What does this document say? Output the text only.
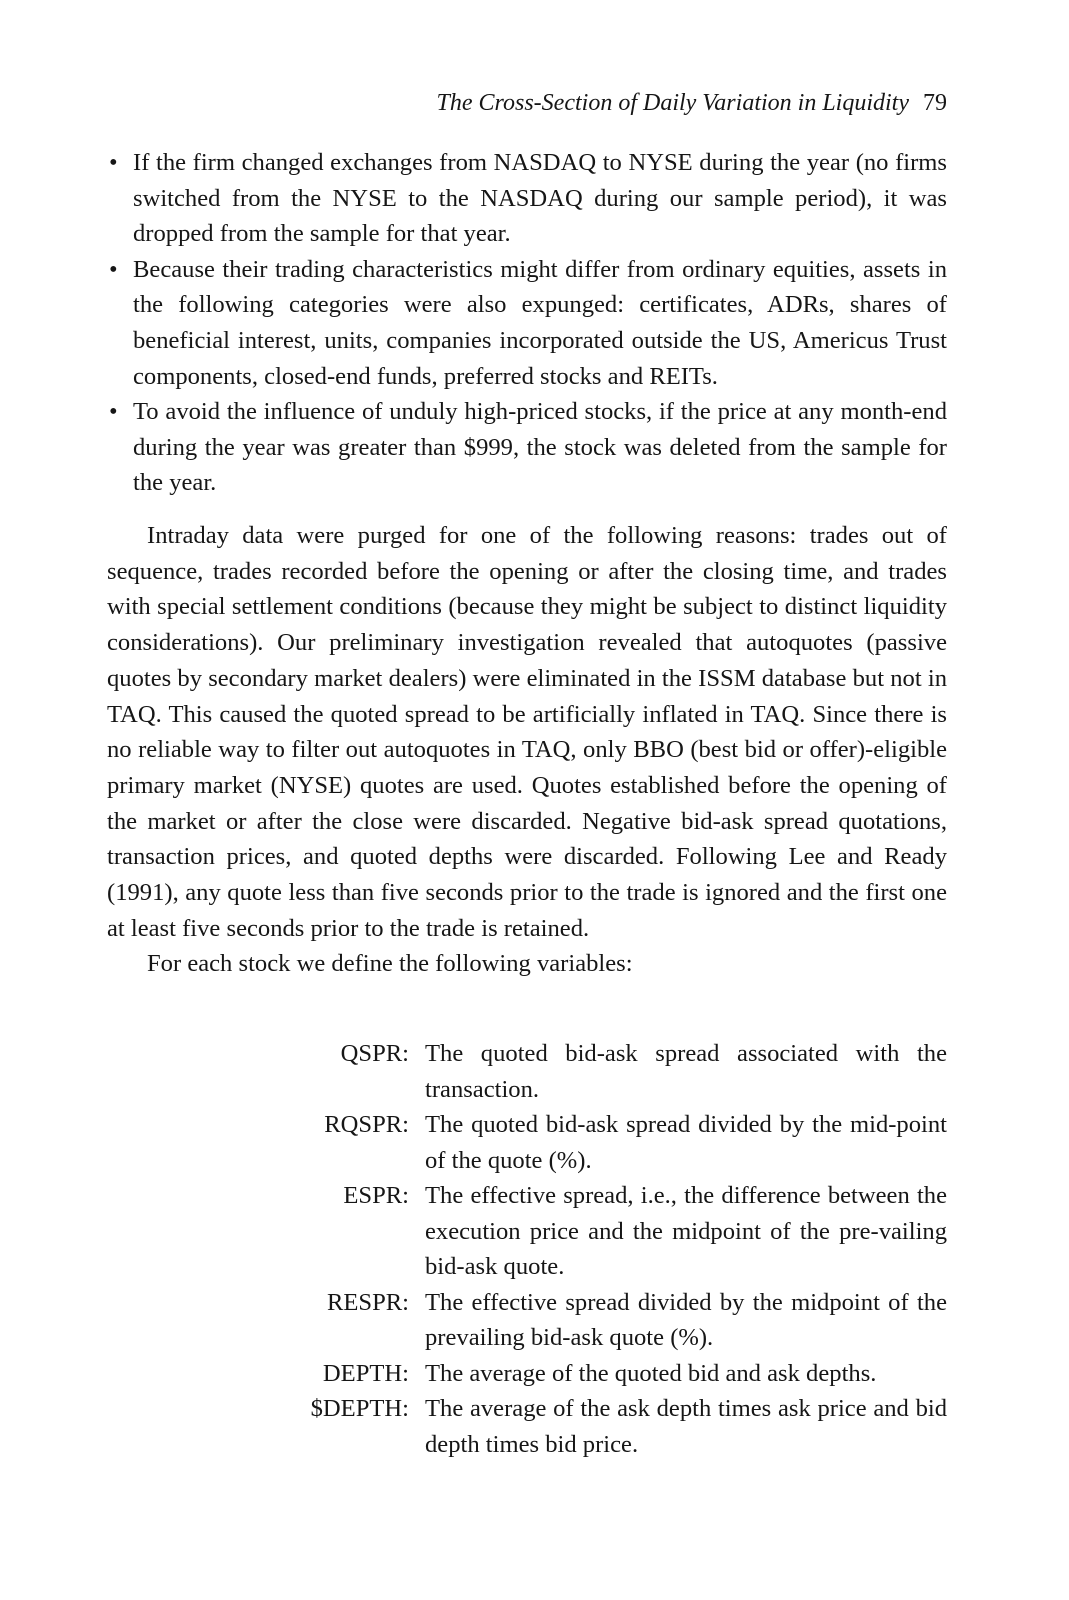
The Cross-Section of Daily Variation in Liquidity 79
• If the firm changed exchanges from NASDAQ to NYSE during the year (no firms switched from the NYSE to the NASDAQ during our sample period), it was dropped from the sample for that year.
• Because their trading characteristics might differ from ordinary equities, assets in the following categories were also expunged: certificates, ADRs, shares of beneficial interest, units, companies incorporated outside the US, Americus Trust components, closed-end funds, preferred stocks and REITs.
• To avoid the influence of unduly high-priced stocks, if the price at any month-end during the year was greater than $999, the stock was deleted from the sample for the year.

Intraday data were purged for one of the following reasons: trades out of sequence, trades recorded before the opening or after the closing time, and trades with special settlement conditions (because they might be subject to distinct liquidity considerations). Our preliminary investigation revealed that autoquotes (passive quotes by secondary market dealers) were eliminated in the ISSM database but not in TAQ. This caused the quoted spread to be artificially inflated in TAQ. Since there is no reliable way to filter out autoquotes in TAQ, only BBO (best bid or offer)-eligible primary market (NYSE) quotes are used. Quotes established before the opening of the market or after the close were discarded. Negative bid-ask spread quotations, transaction prices, and quoted depths were discarded. Following Lee and Ready (1991), any quote less than five seconds prior to the trade is ignored and the first one at least five seconds prior to the trade is retained.

For each stock we define the following variables:

QSPR: The quoted bid-ask spread associated with the transaction.
RQSPR: The quoted bid-ask spread divided by the mid-point of the quote (%).
ESPR: The effective spread, i.e., the difference between the execution price and the midpoint of the pre-vailing bid-ask quote.
RESPR: The effective spread divided by the midpoint of the prevailing bid-ask quote (%).
DEPTH: The average of the quoted bid and ask depths.
$DEPTH: The average of the ask depth times ask price and bid depth times bid price.
